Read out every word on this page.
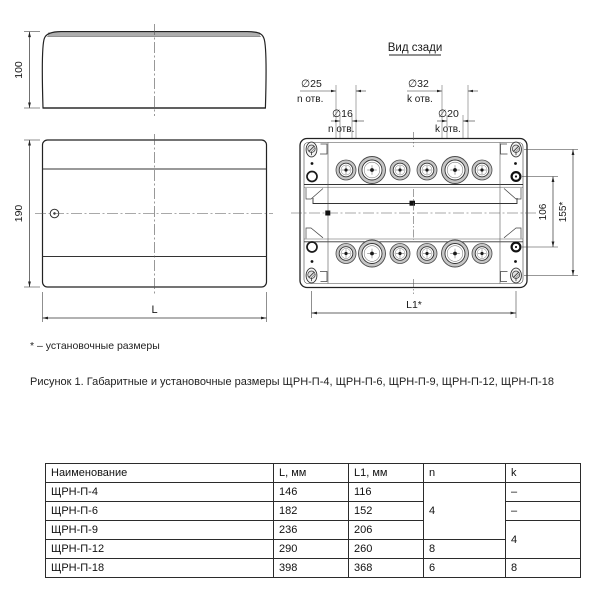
100
190
L
Вид сзади
∅25
n отв.
∅16
n отв.
∅32
k отв.
∅20
k отв.
106 155*
L1*
* – установочные размеры
Рисунок 1. Габаритные и установочные размеры ЩРН-П-4, ЩРН-П-6, ЩРН-П-9, ЩРН-П-12, ЩРН-П-18
Наименование	L, мм	L1, мм	n	k
ЩРН-П-4	146	116	4	–
ЩРН-П-6	182	152		–
ЩРН-П-9	236	206		4
ЩРН-П-12	290	260	8	
ЩРН-П-18	398	368	6	8
